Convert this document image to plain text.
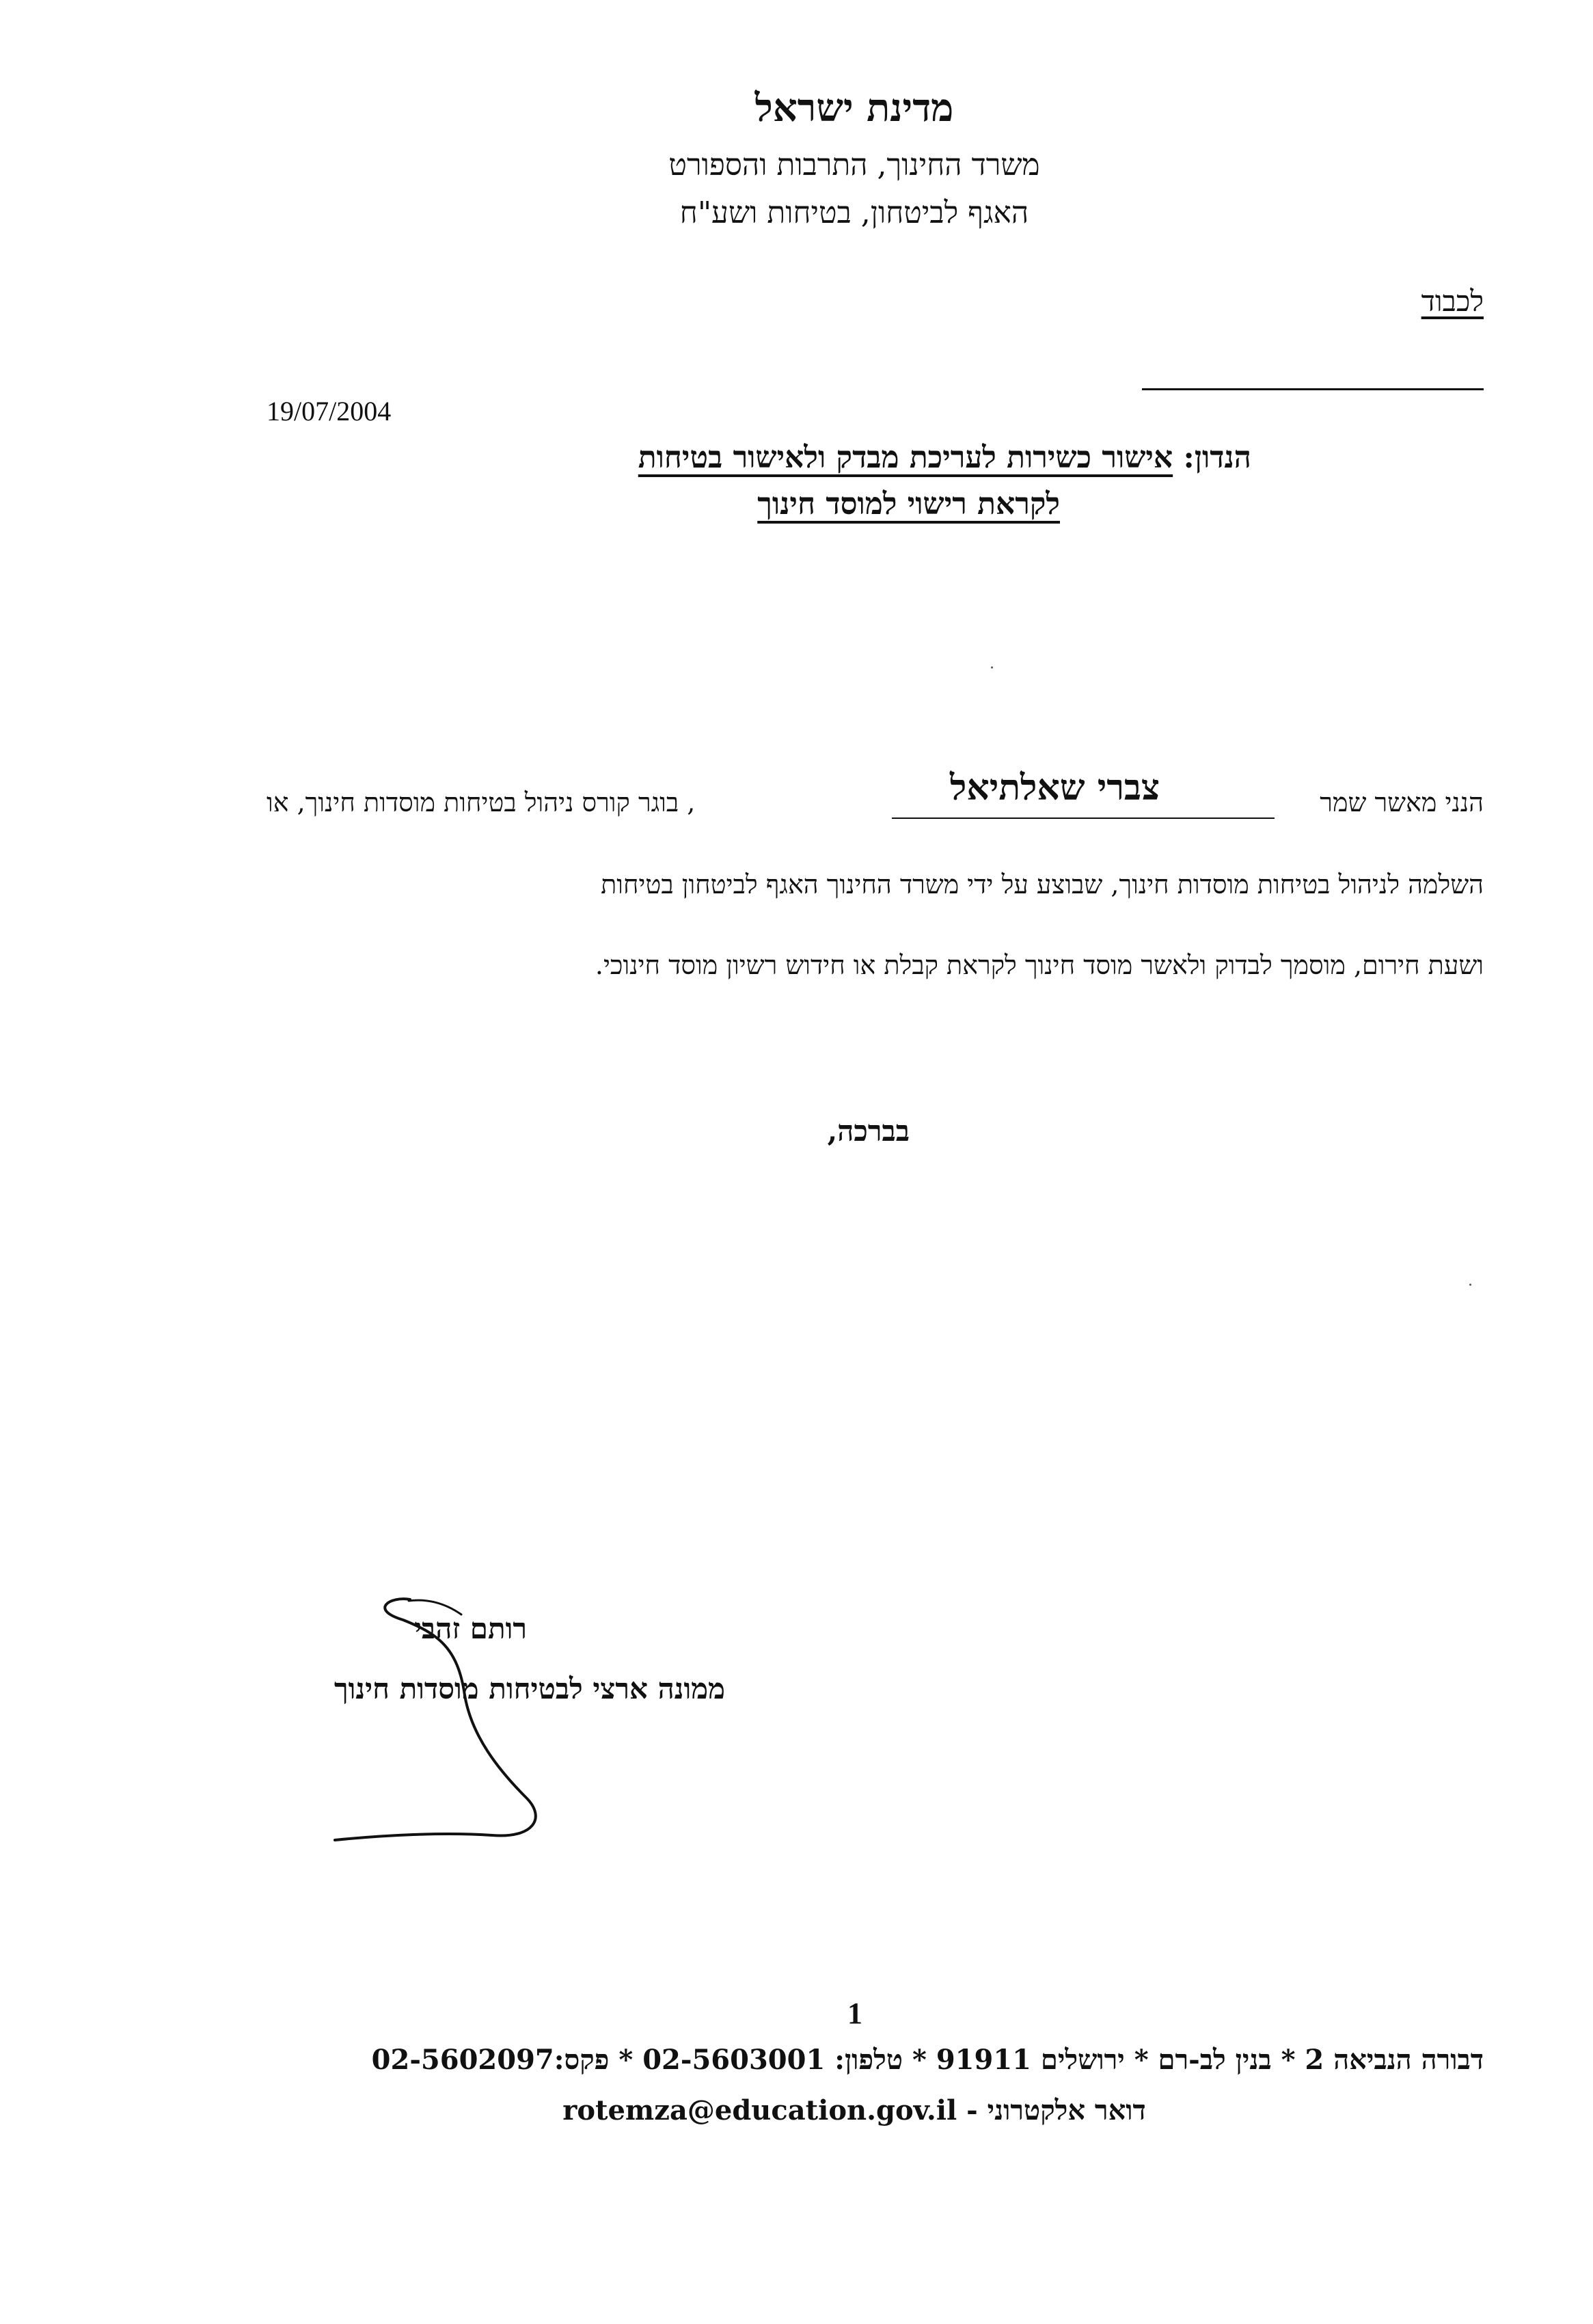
מדינת ישראל
משרד החינוך, התרבות והספורט
האגף לביטחון, בטיחות ושע"ח
לכבוד
19/07/2004
הנדון: אישור כשירות לעריכת מבדק ולאישור בטיחות
לקראת רישוי למוסד חינוך
הנני מאשר שמר
צברי שאלתיאל
, בוגר קורס ניהול בטיחות מוסדות חינוך, או
השלמה לניהול בטיחות מוסדות חינוך, שבוצע על ידי משרד החינוך האגף לביטחון בטיחות
ושעת חירום, מוסמך לבדוק ולאשר מוסד חינוך לקראת קבלת או חידוש רשיון מוסד חינוכי.
בברכה,
רותם זהבי
ממונה ארצי לבטיחות מוסדות חינוך
1
דבורה הנביאה 2 * בנין לב-רם * ירושלים 91911 * טלפון: 02-5603001 * פקס:02-5602097
דואר אלקטרוני - rotemza@education.gov.il
